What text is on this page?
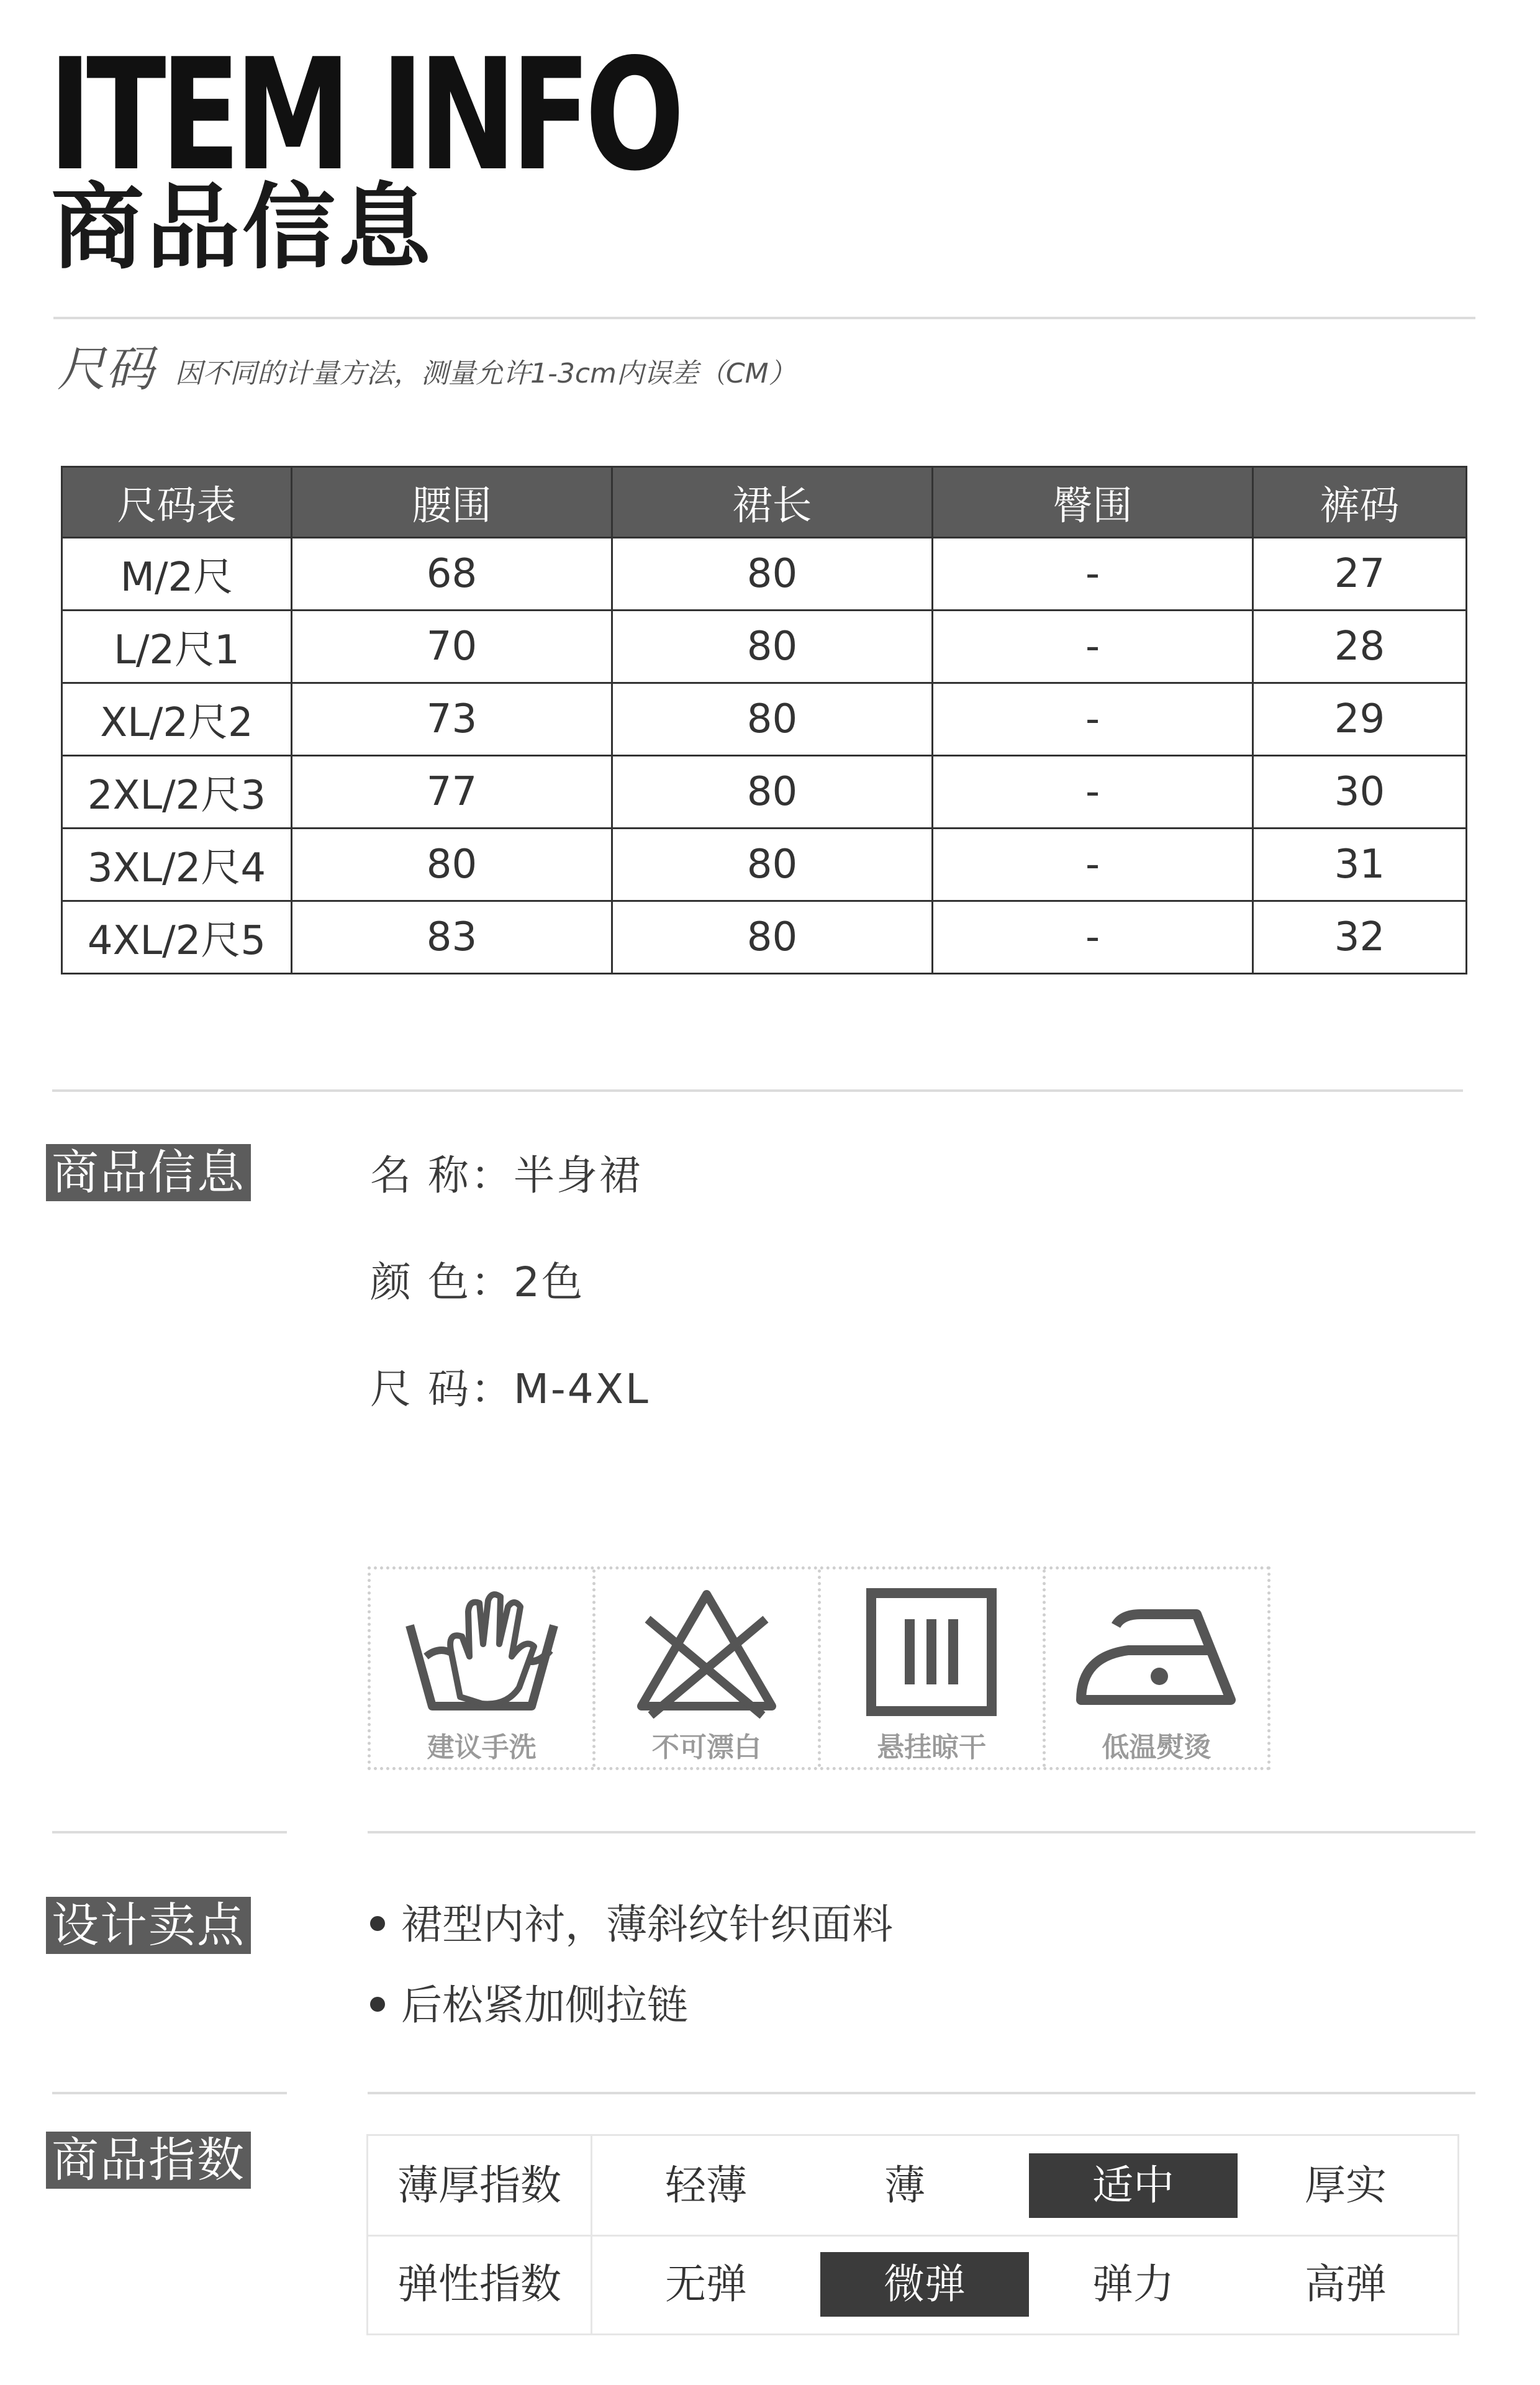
ITEM INFO
商品信息
尺码 因不同的计量方法，测量允许1-3cm内误差（CM）
尺码表	腰围	裙长	臀围	裤码
M/2尺	68	80	-	27
L/2尺1	70	80	-	28
XL/2尺2	73	80	-	29
2XL/2尺3	77	80	-	30
3XL/2尺4	80	80	-	31
4XL/2尺5	83	80	-	32
商品信息	名 称：半身裙
颜 色：2色
尺 码：M-4XL
建议手洗	不可漂白	悬挂晾干	低温熨烫
设计卖点	裙型内衬，薄斜纹针织面料
后松紧加侧拉链
商品指数	薄厚指数	轻薄	薄	适中	厚实
弹性指数	无弹	微弹	弹力	高弹
